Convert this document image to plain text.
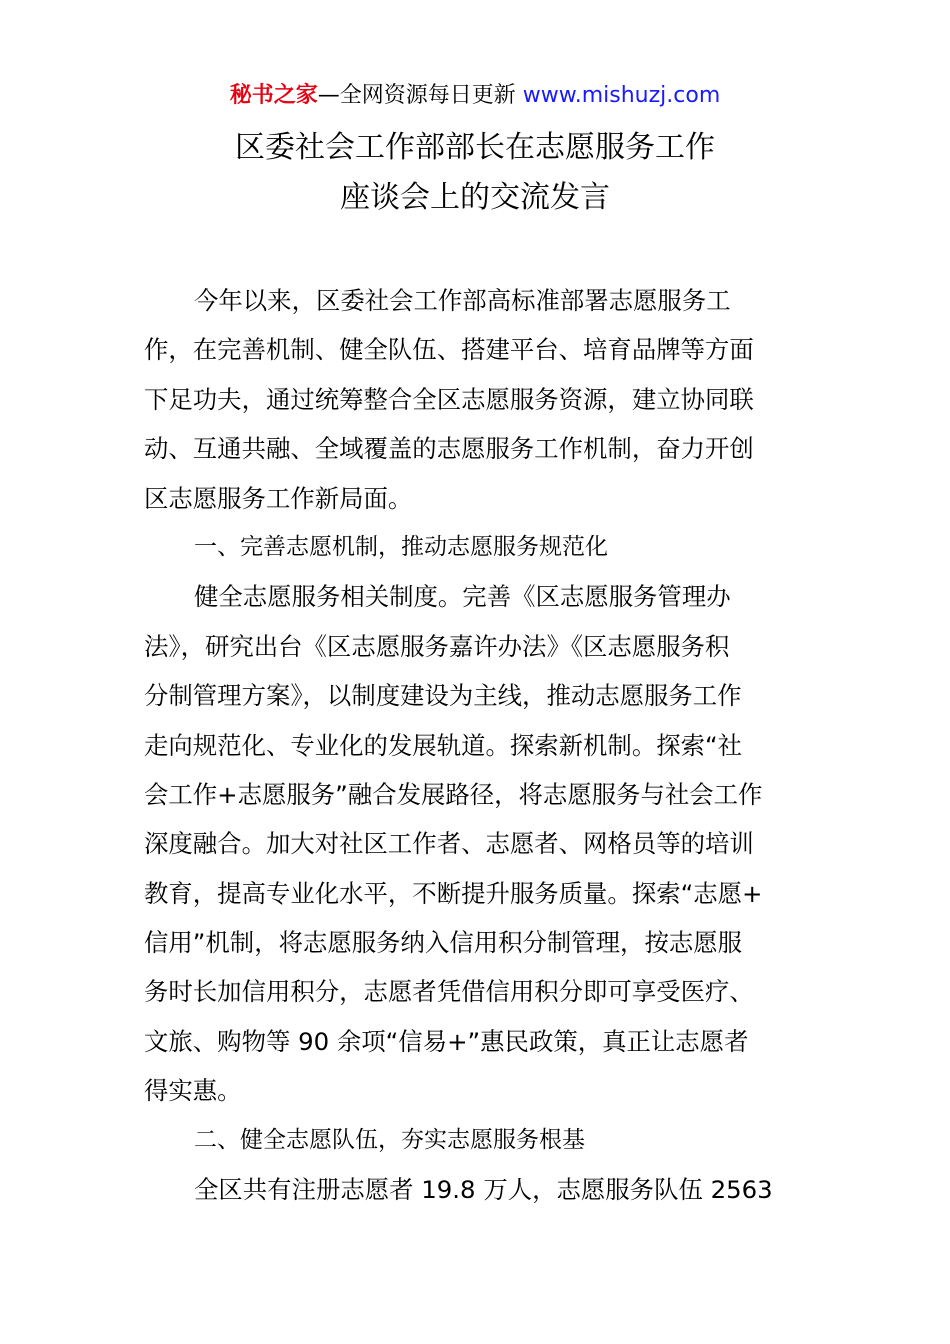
秘书之家—全网资源每日更新 www.mishuzj.com
区委社会工作部部长在志愿服务工作
座谈会上的交流发言
今年以来，区委社会工作部高标准部署志愿服务工
作，在完善机制、健全队伍、搭建平台、培育品牌等方面
下足功夫，通过统筹整合全区志愿服务资源，建立协同联
动、互通共融、全域覆盖的志愿服务工作机制，奋力开创
区志愿服务工作新局面。
一、完善志愿机制，推动志愿服务规范化
健全志愿服务相关制度。完善《区志愿服务管理办
法》，研究出台《区志愿服务嘉许办法》《区志愿服务积
分制管理方案》，以制度建设为主线，推动志愿服务工作
走向规范化、专业化的发展轨道。探索新机制。探索“社
会工作+志愿服务”融合发展路径，将志愿服务与社会工作
深度融合。加大对社区工作者、志愿者、网格员等的培训
教育，提高专业化水平，不断提升服务质量。探索“志愿+
信用”机制，将志愿服务纳入信用积分制管理，按志愿服
务时长加信用积分，志愿者凭借信用积分即可享受医疗、
文旅、购物等 90 余项“信易+”惠民政策，真正让志愿者
得实惠。
二、健全志愿队伍，夯实志愿服务根基
全区共有注册志愿者 19.8 万人，志愿服务队伍 2563
